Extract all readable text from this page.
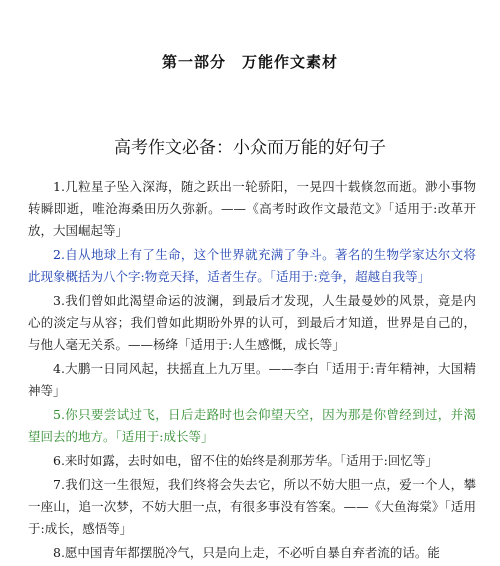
第一部分　万能作文素材
高考作文必备：小众而万能的好句子

1.几粒星子坠入深海，随之跃出一轮骄阳，一晃四十载倏忽而逝。渺小事物转瞬即逝，唯沧海桑田历久弥新。——《高考时政作文最范文》「适用于:改革开放，大国崛起等」

2.自从地球上有了生命，这个世界就充满了争斗。著名的生物学家达尔文将此现象概括为八个字:物竞天择，适者生存。「适用于:竞争，超越自我等」

3.我们曾如此渴望命运的波澜，到最后才发现，人生最曼妙的风景，竟是内心的淡定与从容；我们曾如此期盼外界的认可，到最后才知道，世界是自己的，与他人毫无关系。——杨绛「适用于:人生感慨，成长等」

4.大鹏一日同风起，扶摇直上九万里。——李白「适用于:青年精神，大国精神等」

5.你只要尝试过飞，日后走路时也会仰望天空，因为那是你曾经到过，并渴望回去的地方。「适用于:成长等」

6.来时如露，去时如电，留不住的始终是刹那芳华。「适用于:回忆等」

7.我们这一生很短，我们终将会失去它，所以不妨大胆一点，爱一个人，攀一座山，追一次梦，不妨大胆一点，有很多事没有答案。——《大鱼海棠》「适用于:成长，感悟等」

8.愿中国青年都摆脱冷气，只是向上走，不必听自暴自弃者流的话。能
